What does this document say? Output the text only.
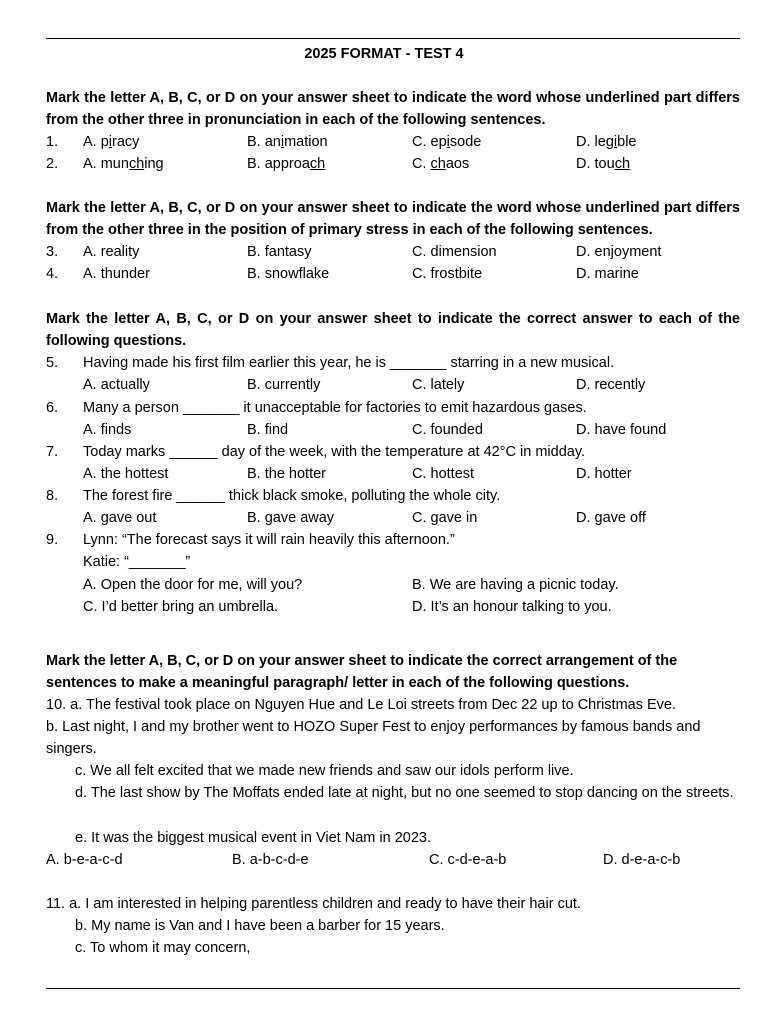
2025 FORMAT - TEST 4
Mark the letter A, B, C, or D on your answer sheet to indicate the word whose underlined part differs from the other three in pronunciation in each of the following sentences.
1. A. piracy	B. animation	C. episode	D. legible
2. A. munching	B. approach	C. chaos	D. touch
Mark the letter A, B, C, or D on your answer sheet to indicate the word whose underlined part differs from the other three in the position of primary stress in each of the following sentences.
3. A. reality	B. fantasy	C. dimension	D. enjoyment
4. A. thunder	B. snowflake	C. frostbite	D. marine
Mark the letter A, B, C, or D on your answer sheet to indicate the correct answer to each of the following questions.
5. Having made his first film earlier this year, he is _______ starring in a new musical.
A. actually	B. currently	C. lately	D. recently
6. Many a person _______ it unacceptable for factories to emit hazardous gases.
A. finds	B. find	C. founded	D. have found
7. Today marks ______ day of the week, with the temperature at 42°C in midday.
A. the hottest	B. the hotter	C. hottest	D. hotter
8. The forest fire ______ thick black smoke, polluting the whole city.
A. gave out	B. gave away	C. gave in	D. gave off
9. Lynn: “The forecast says it will rain heavily this afternoon.”
Katie: “_______”
A. Open the door for me, will you?	B. We are having a picnic today.
C. I’d better bring an umbrella.	D. It’s an honour talking to you.
Mark the letter A, B, C, or D on your answer sheet to indicate the correct arrangement of the
sentences to make a meaningful paragraph/ letter in each of the following questions.
10. a. The festival took place on Nguyen Hue and Le Loi streets from Dec 22 up to Christmas Eve.
b. Last night, I and my brother went to HOZO Super Fest to enjoy performances by famous bands and singers.
c. We all felt excited that we made new friends and saw our idols perform live.
d. The last show by The Moffats ended late at night, but no one seemed to stop dancing on the streets.
e. It was the biggest musical event in Viet Nam in 2023.
A. b-e-a-c-d	B. a-b-c-d-e	C. c-d-e-a-b	D. d-e-a-c-b
11. a. I am interested in helping parentless children and ready to have their hair cut.
b. My name is Van and I have been a barber for 15 years.
c. To whom it may concern,
